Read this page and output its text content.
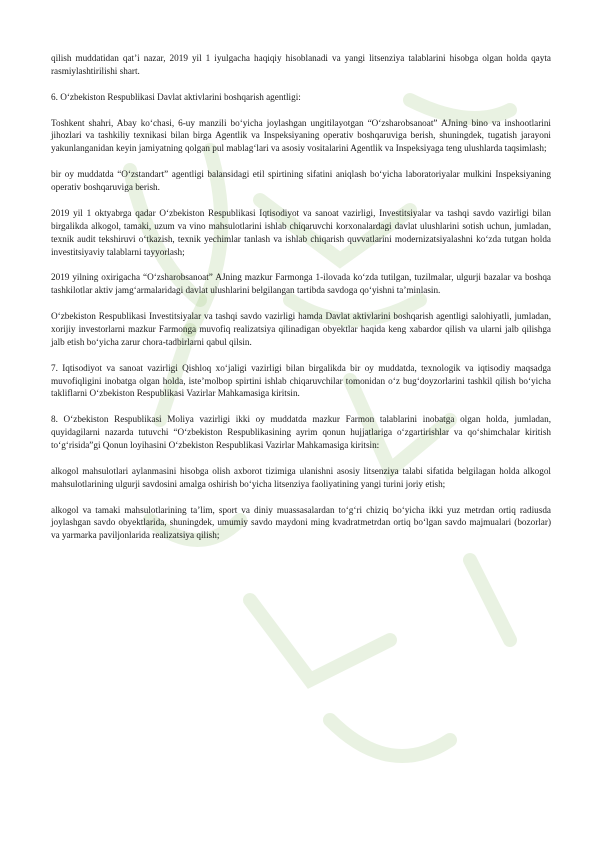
qilish muddatidan qat’i nazar, 2019 yil 1 iyulgacha haqiqiy hisoblanadi va yangi litsenziya talablarini hisobga olgan holda qayta rasmiylashtirilishi shart.

6. O‘zbekiston Respublikasi Davlat aktivlarini boshqarish agentligi:

Toshkent shahri, Abay ko‘chasi, 6-uy manzili bo‘yicha joylashgan ungitilayotgan “O‘zsharobsanoat” AJning bino va inshootlarini jihozlari va tashkiliy texnikasi bilan birga Agentlik va Inspeksiyaning operativ boshqaruviga berish, shuningdek, tugatish jarayoni yakunlanganidan keyin jamiyatning qolgan pul mablag‘lari va asosiy vositalarini Agentlik va Inspeksiyaga teng ulushlarda taqsimlash;

bir oy muddatda “O‘zstandart” agentligi balansidagi etil spirtining sifatini aniqlash bo‘yicha laboratoriyalar mulkini Inspeksiyaning operativ boshqaruviga berish.

2019 yil 1 oktyabrga qadar O‘zbekiston Respublikasi Iqtisodiyot va sanoat vazirligi, Investitsiyalar va tashqi savdo vazirligi bilan birgalikda alkogol, tamaki, uzum va vino mahsulotlarini ishlab chiqaruvchi korxonalardagi davlat ulushlarini sotish uchun, jumladan, texnik audit tekshiruvi o‘tkazish, texnik yechimlar tanlash va ishlab chiqarish quvvatlarini modernizatsiyalashni ko‘zda tutgan holda investitsiyaviy talablarni tayyorlash;

2019 yilning oxirigacha “O‘zsharobsanoat” AJning mazkur Farmonga 1-ilovada ko‘zda tutilgan, tuzilmalar, ulgurji bazalar va boshqa tashkilotlar aktiv jamg‘armalaridagi davlat ulushlarini belgilangan tartibda savdoga qo‘yishni ta’minlasin.

O‘zbekiston Respublikasi Investitsiyalar va tashqi savdo vazirligi hamda Davlat aktivlarini boshqarish agentligi salohiyatli, jumladan, xorijiy investorlarni mazkur Farmonga muvofiq realizatsiya qilinadigan obyektlar haqida keng xabardor qilish va ularni jalb qilishga jalb etish bo‘yicha zarur chora-tadbirlarni qabul qilsin.

7. Iqtisodiyot va sanoat vazirligi Qishloq xo‘jaligi vazirligi bilan birgalikda bir oy muddatda, texnologik va iqtisodiy maqsadga muvofiqligini inobatga olgan holda, iste’molbop spirtini ishlab chiqaruvchilar tomonidan o‘z bug‘doyzorlarini tashkil qilish bo‘yicha takliflarni O‘zbekiston Respublikasi Vazirlar Mahkamasiga kiritsin.

8. O‘zbekiston Respublikasi Moliya vazirligi ikki oy muddatda mazkur Farmon talablarini inobatga olgan holda, jumladan, quyidagilarni nazarda tutuvchi “O‘zbekiston Respublikasining ayrim qonun hujjatlariga o‘zgartirishlar va qo‘shimchalar kiritish to‘g‘risida”gi Qonun loyihasini O‘zbekiston Respublikasi Vazirlar Mahkamasiga kiritsin:

alkogol mahsulotlari aylanmasini hisobga olish axborot tizimiga ulanishni asosiy litsenziya talabi sifatida belgilagan holda alkogol mahsulotlarining ulgurji savdosini amalga oshirish bo‘yicha litsenziya faoliyatining yangi turini joriy etish;

alkogol va tamaki mahsulotlarining ta’lim, sport va diniy muassasalardan to‘g‘ri chiziq bo‘yicha ikki yuz metrdan ortiq radiusda joylashgan savdo obyektlarida, shuningdek, umumiy savdo maydoni ming kvadratmetrdan ortiq bo‘lgan savdo majmualari (bozorlar) va yarmarka paviljonlarida realizatsiya qilish;
